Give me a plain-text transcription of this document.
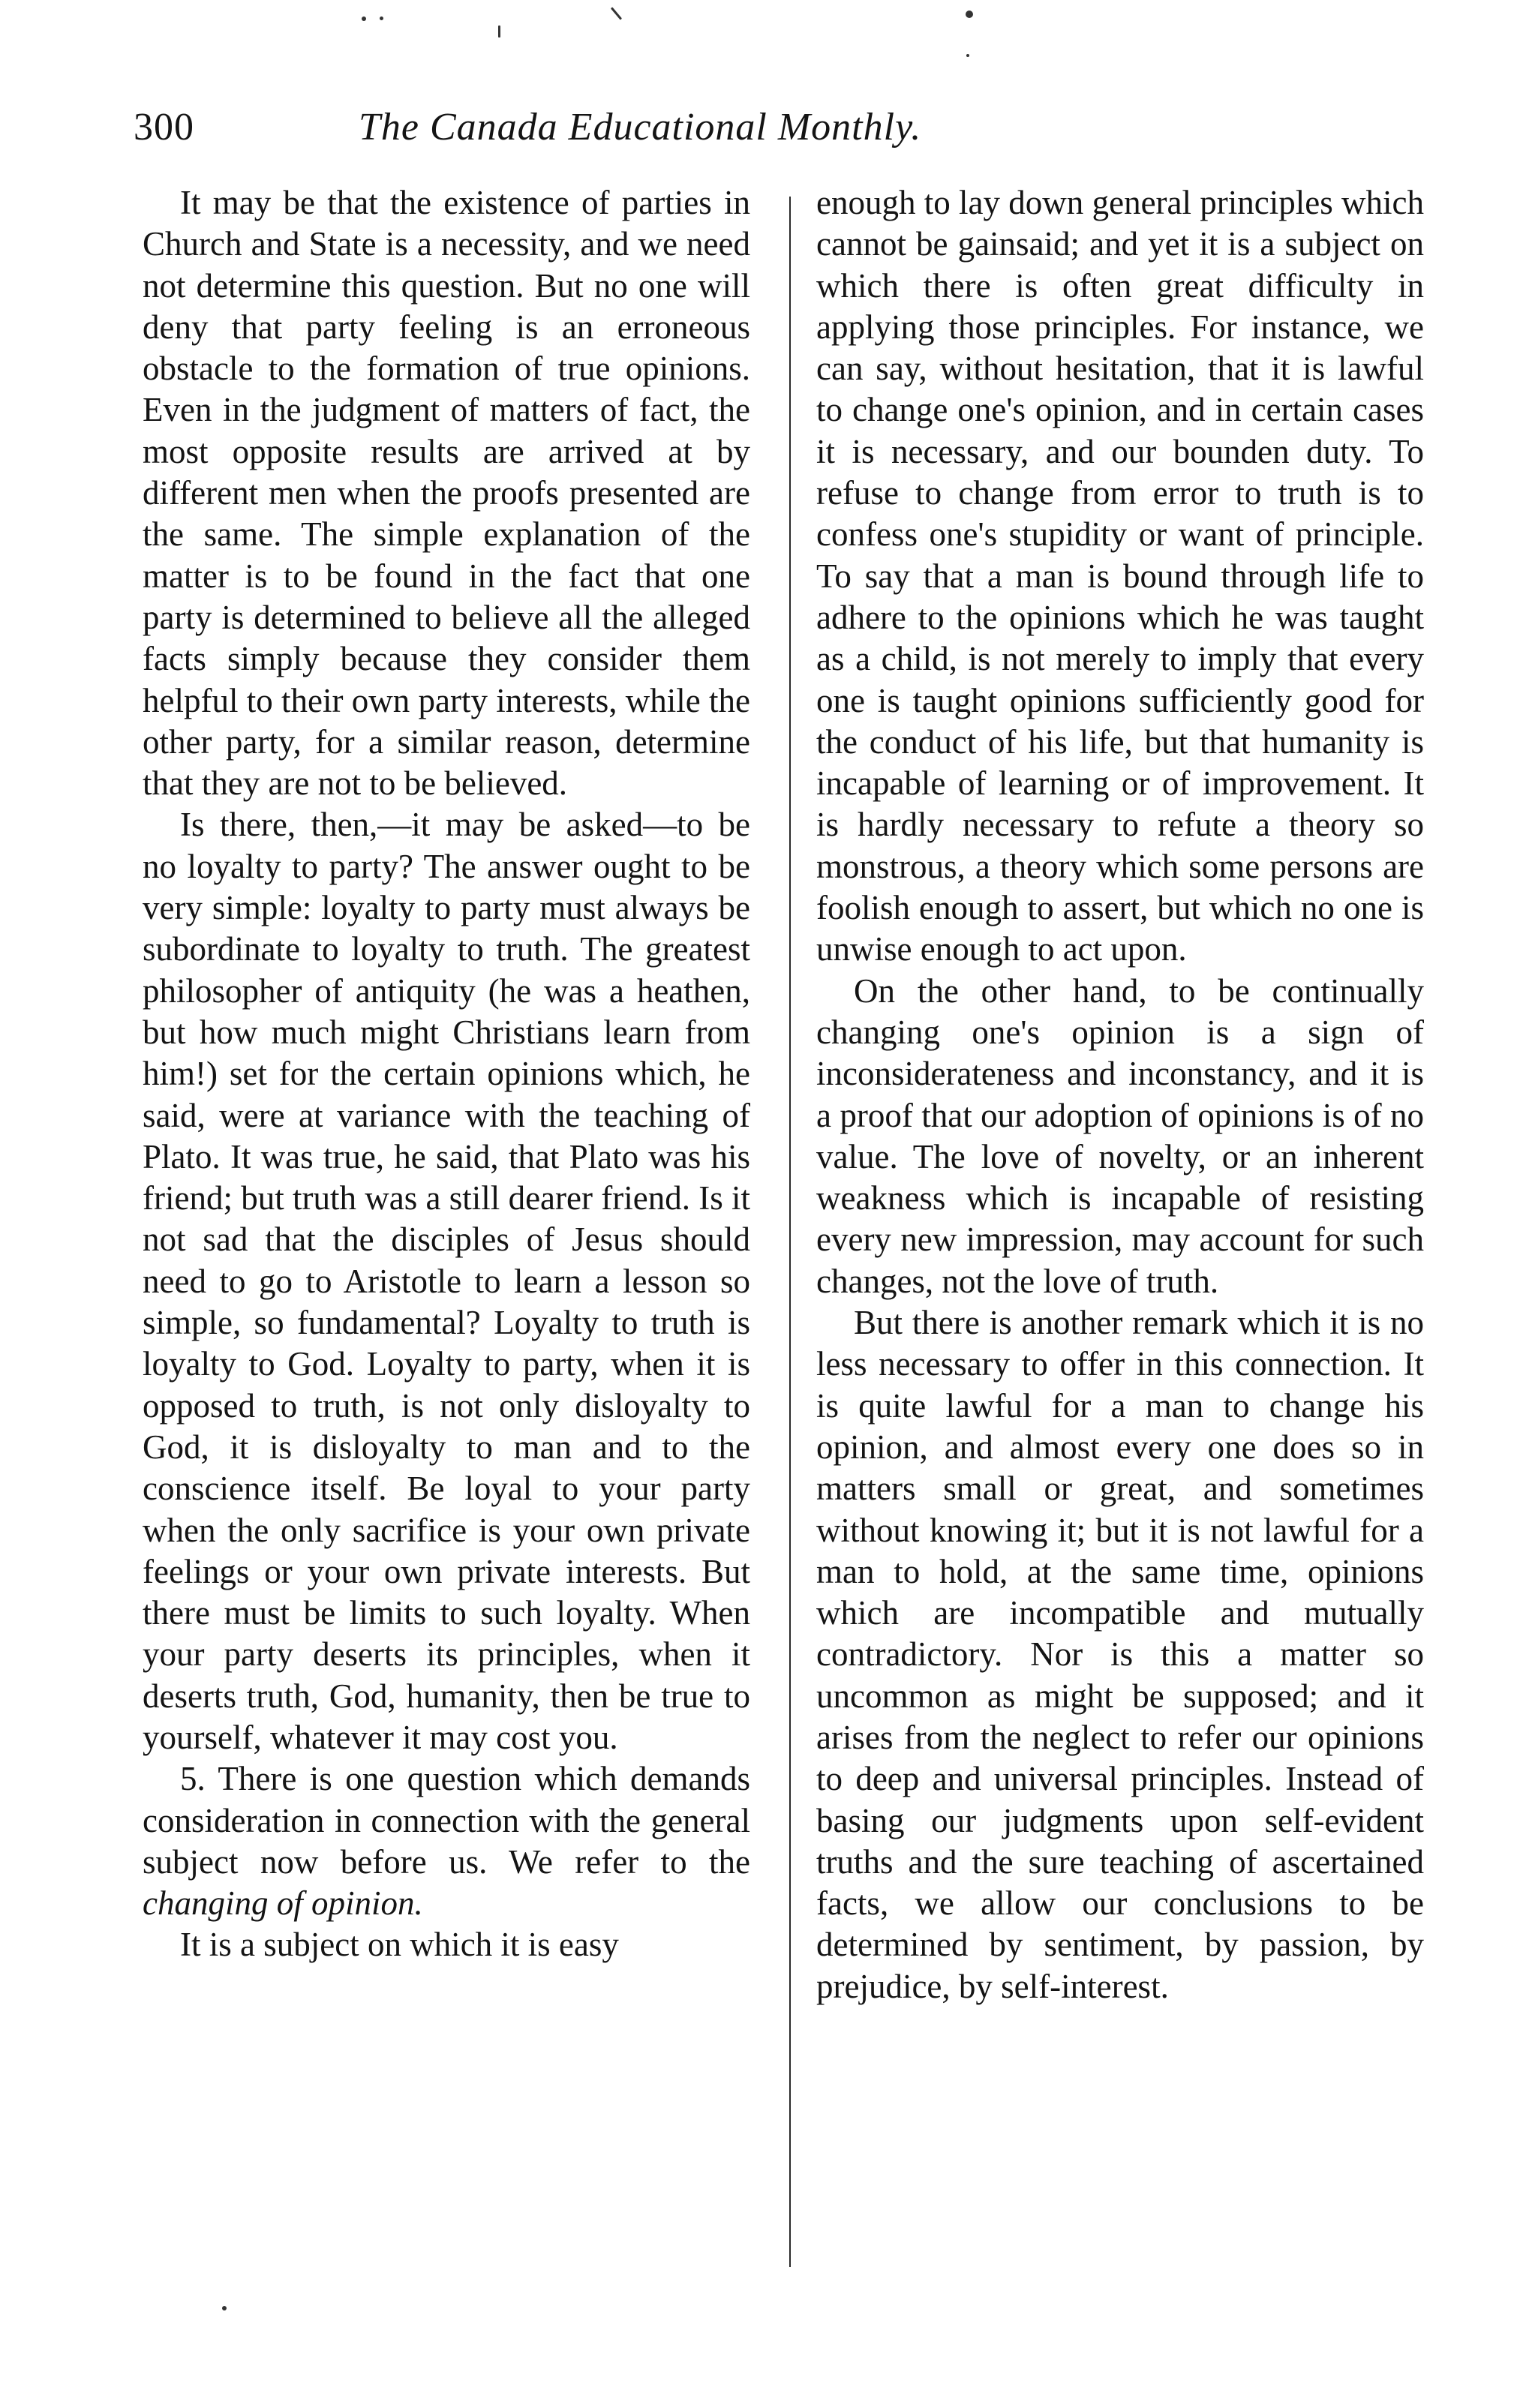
300	The Canada Educational Monthly.

It may be that the existence of parties in Church and State is a necessity, and we need not determine this question. But no one will deny that party feeling is an erroneous obstacle to the formation of true opinions. Even in the judgment of matters of fact, the most opposite results are arrived at by different men when the proofs presented are the same. The simple explanation of the matter is to be found in the fact that one party is determined to believe all the alleged facts simply because they consider them helpful to their own party interests, while the other party, for a similar reason, determine that they are not to be believed.

Is there, then,—it may be asked—to be no loyalty to party? The answer ought to be very simple: loyalty to party must always be subordinate to loyalty to truth. The greatest philosopher of antiquity (he was a heathen, but how much might Christians learn from him!) set for the certain opinions which, he said, were at variance with the teaching of Plato. It was true, he said, that Plato was his friend; but truth was a still dearer friend. Is it not sad that the disciples of Jesus should need to go to Aristotle to learn a lesson so simple, so fundamental? Loyalty to truth is loyalty to God. Loyalty to party, when it is opposed to truth, is not only disloyalty to God, it is disloyalty to man and to the conscience itself. Be loyal to your party when the only sacrifice is your own private feelings or your own private interests. But there must be limits to such loyalty. When your party deserts its principles, when it deserts truth, God, humanity, then be true to yourself, whatever it may cost you.

5. There is one question which demands consideration in connection with the general subject now before us. We refer to the changing of opinion.

It is a subject on which it is easy

enough to lay down general principles which cannot be gainsaid; and yet it is a subject on which there is often great difficulty in applying those principles. For instance, we can say, without hesitation, that it is lawful to change one's opinion, and in certain cases it is necessary, and our bounden duty. To refuse to change from error to truth is to confess one's stupidity or want of principle. To say that a man is bound through life to adhere to the opinions which he was taught as a child, is not merely to imply that every one is taught opinions sufficiently good for the conduct of his life, but that humanity is incapable of learning or of improvement. It is hardly necessary to refute a theory so monstrous, a theory which some persons are foolish enough to assert, but which no one is unwise enough to act upon.

On the other hand, to be continually changing one's opinion is a sign of inconsiderateness and inconstancy, and it is a proof that our adoption of opinions is of no value. The love of novelty, or an inherent weakness which is incapable of resisting every new impression, may account for such changes, not the love of truth.

But there is another remark which it is no less necessary to offer in this connection. It is quite lawful for a man to change his opinion, and almost every one does so in matters small or great, and sometimes without knowing it; but it is not lawful for a man to hold, at the same time, opinions which are incompatible and mutually contradictory. Nor is this a matter so uncommon as might be supposed; and it arises from the neglect to refer our opinions to deep and universal principles. Instead of basing our judgments upon self-evident truths and the sure teaching of ascertained facts, we allow our conclusions to be determined by sentiment, by passion, by prejudice, by self-interest.
